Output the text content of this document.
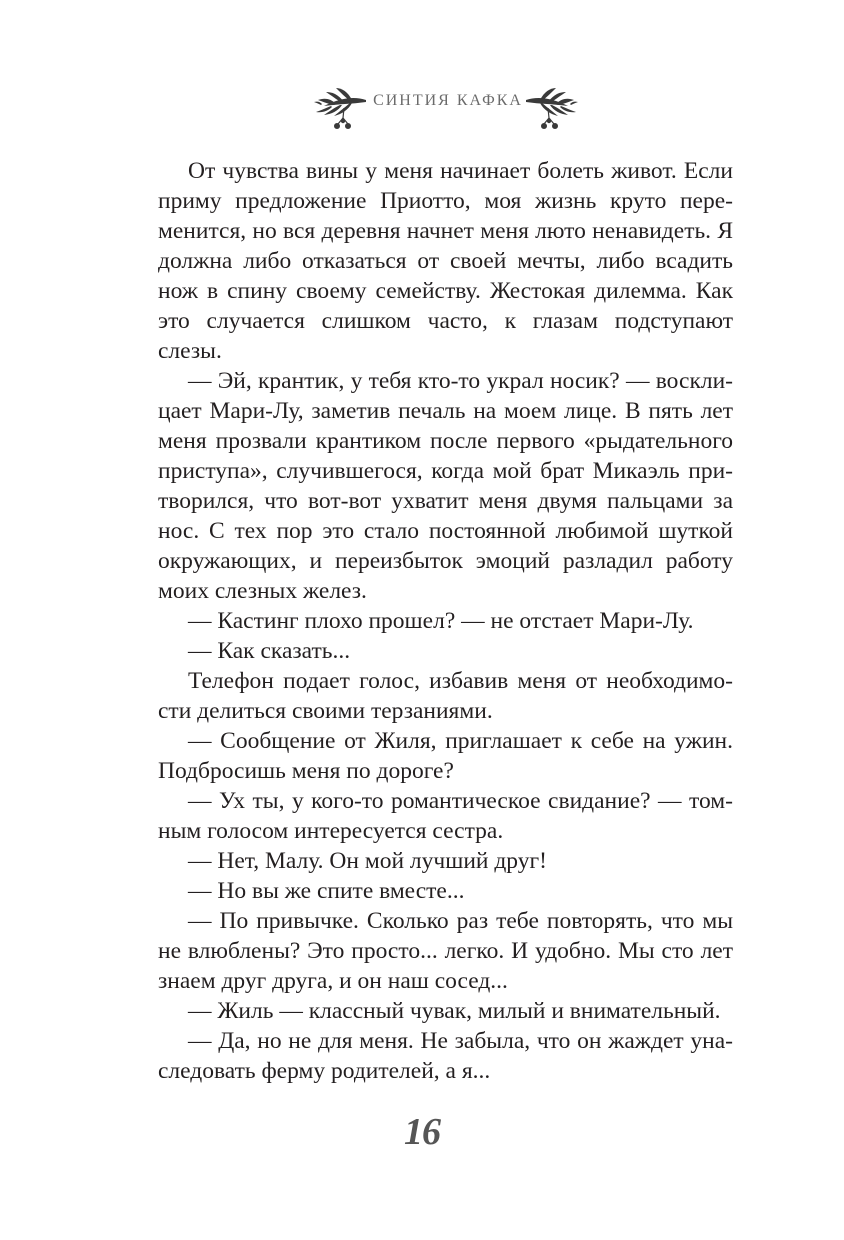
СИНТИЯ КАФКА

От чувства вины у меня начинает болеть живот. Если приму предложение Приотто, моя жизнь круто пере-менится, но вся деревня начнет меня люто ненавидеть. Я должна либо отказаться от своей мечты, либо всадить нож в спину своему семейству. Жестокая дилемма. Как это случается слишком часто, к глазам подступают слезы.

— Эй, крантик, у тебя кто-то украл носик? — воскли-цает Мари-Лу, заметив печаль на моем лице. В пять лет меня прозвали крантиком после первого «рыдательного приступа», случившегося, когда мой брат Микаэль при-творился, что вот-вот ухватит меня двумя пальцами за нос. С тех пор это стало постоянной любимой шуткой окружающих, и переизбыток эмоций разладил работу моих слезных желез.

— Кастинг плохо прошел? — не отстает Мари-Лу.

— Как сказать...

Телефон подает голос, избавив меня от необходимо-сти делиться своими терзаниями.

— Сообщение от Жиля, приглашает к себе на ужин. Подбросишь меня по дороге?

— Ух ты, у кого-то романтическое свидание? — том-ным голосом интересуется сестра.

— Нет, Малу. Он мой лучший друг!

— Но вы же спите вместе...

— По привычке. Сколько раз тебе повторять, что мы не влюблены? Это просто... легко. И удобно. Мы сто лет знаем друг друга, и он наш сосед...

— Жиль — классный чувак, милый и внимательный.

— Да, но не для меня. Не забыла, что он жаждет уна-следовать ферму родителей, а я...

16
